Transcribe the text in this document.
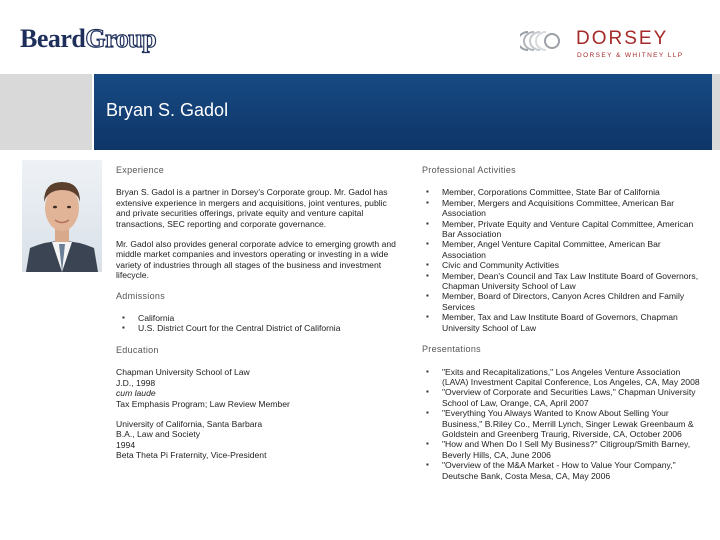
Beard Group	DORSEY
DORSEY & WHITNEY LLP
Bryan S. Gadol
Experience

Bryan S. Gadol is a partner in Dorsey's Corporate group. Mr. Gadol has extensive experience in mergers and acquisitions, joint ventures, public and private securities offerings, private equity and venture capital transactions, SEC reporting and corporate governance.

Mr. Gadol also provides general corporate advice to emerging growth and middle market companies and investors operating or investing in a wide variety of industries through all stages of the business and investment lifecycle.

Admissions
▪ California
▪ U.S. District Court for the Central District of California
Education
Chapman University School of Law
J.D., 1998
cum laude
Tax Emphasis Program; Law Review Member
University of California, Santa Barbara
B.A., Law and Society
1994
Beta Theta Pi Fraternity, Vice-President
Professional Activities
▪ Member, Corporations Committee, State Bar of California
▪ Member, Mergers and Acquisitions Committee, American Bar Association
▪ Member, Private Equity and Venture Capital Committee, American Bar Association
▪ Member, Angel Venture Capital Committee, American Bar Association
▪ Civic and Community Activities
▪ Member, Dean's Council and Tax Law Institute Board of Governors, Chapman University School of Law
▪ Member, Board of Directors, Canyon Acres Children and Family Services
▪ Member, Tax and Law Institute Board of Governors, Chapman University School of Law
Presentations
▪ "Exits and Recapitalizations," Los Angeles Venture Association (LAVA) Investment Capital Conference, Los Angeles, CA, May 2008
▪ "Overview of Corporate and Securities Laws," Chapman University School of Law, Orange, CA, April 2007
▪ "Everything You Always Wanted to Know About Selling Your Business," B.Riley Co., Merrill Lynch, Singer Lewak Greenbaum & Goldstein and Greenberg Traurig, Riverside, CA, October 2006
▪ "How and When Do I Sell My Business?" Citigroup/Smith Barney, Beverly Hills, CA, June 2006
▪ "Overview of the M&A Market - How to Value Your Company," Deutsche Bank, Costa Mesa, CA, May 2006
